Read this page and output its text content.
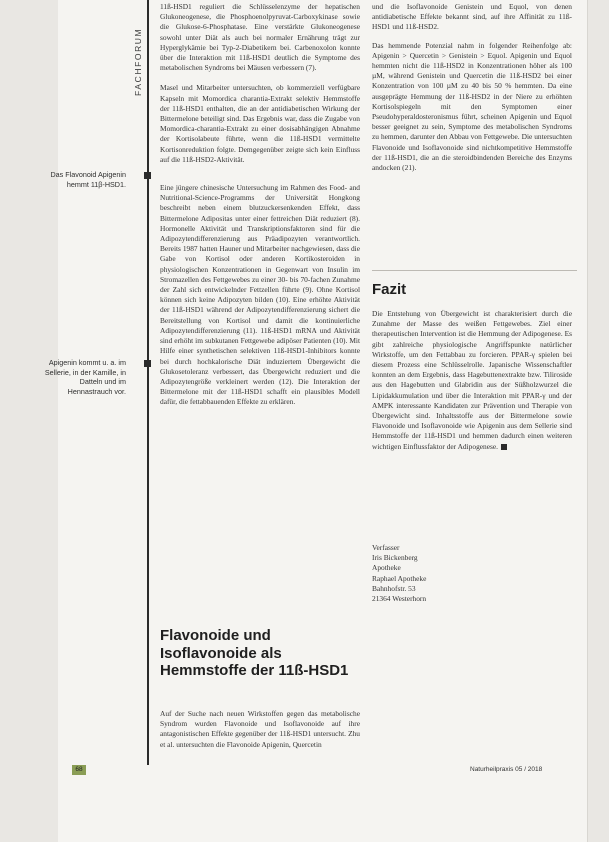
FACHFORUM
Das Flavonoid Apigenin hemmt 11β-HSD1.
Apigenin kommt u. a. im Sellerie, in der Kamille, in Datteln und im Hennastrauch vor.

11ß-HSD1 reguliert die Schlüsselenzyme der hepatischen Glukoneogenese, die Phosphoenolpyruvat-Carboxykinase sowie die Glukose-6-Phosphatase. Eine verstärkte Glukoneogenese sowohl unter Diät als auch bei normaler Ernährung trägt zur Hyperglykämie bei Typ-2-Diabetikern bei. Carbenoxolon konnte über die Interaktion mit 11ß-HSD1 deutlich die Symptome des metabolischen Syndroms bei Mäusen verbessern (7).

Masel und Mitarbeiter untersuchten, ob kommerziell verfügbare Kapseln mit Momordica charantia-Extrakt selektiv Hemmstoffe der 11ß-HSD1 enthalten, die an der antidiabetischen Wirkung der Bittermelone beteiligt sind. Das Ergebnis war, dass die Zugabe von Momordica-charantia-Extrakt zu einer dosisabhängigen Abnahme der Kortisolabeute führte, wenn die 11ß-HSD1 vermittelte Kortisonreduktion folgte. Demgegenüber zeigte sich kein Einfluss auf die 11ß-HSD2-Aktivität.

Eine jüngere chinesische Untersuchung im Rahmen des Food- and Nutritional-Science-Programms der Universität Hongkong beschreibt neben einem blutzuckersenkenden Effekt, dass Bittermelone Adipositas unter einer fettreichen Diät reduziert (8). Hormonelle Aktivität und Transkriptionsfaktoren sind für die Adipozytendifferenzierung aus Präadipozyten verantwortlich. Bereits 1987 hatten Hauner und Mitarbeiter nachgewiesen, dass die Gabe von Kortisol oder anderen Kortikosteroiden in physiologischen Konzentrationen in Gegenwart von Insulin im Stromazellen des Fettgewebes zu einer 30- bis 70-fachen Zunahme der Zahl sich entwickelnder Fettzellen führte (9). Ohne Kortisol können sich keine Adipozyten bilden (10). Eine erhöhte Aktivität der 11ß-HSD1 während der Adipozytendifferenzierung sichert die Bereitstellung von Kortisol und damit die kontinuierliche Adipozytendifferenzierung (11). 11ß-HSD1 mRNA und Aktivität sind erhöht im subkutanen Fettgewebe adipöser Patienten (10). Mit Hilfe einer synthetischen selektiven 11ß-HSD1-Inhibitors konnte bei durch hochkalorische Diät induziertem Übergewicht die Glukosetoleranz verbessert, das Übergewicht reduziert und die Adipozytengröße verkleinert werden (12). Die Interaktion der Bittermelone mit der 11ß-HSD1 schafft ein plausibles Modell dafür, die fettabbauenden Effekte zu erklären.

Flavonoide und Isoflavonoide als Hemmstoffe der 11ß-HSD1
Auf der Suche nach neuen Wirkstoffen gegen das metabolische Syndrom wurden Flavonoide und Isoflavonoide auf ihre antagonistischen Effekte gegenüber der 11ß-HSD1 untersucht. Zhu et al. untersuchten die Flavonoide Apigenin, Quercetin

und die Isoflavonoide Genistein und Equol, von denen antidiabetische Effekte bekannt sind, auf ihre Affinität zu 11ß-HSD1 und 11ß-HSD2.

Das hemmende Potenzial nahm in folgender Reihenfolge ab: Apigenin > Quercetin > Genistein > Equol. Apigenin und Equol hemmten nicht die 11ß-HSD2 in Konzentrationen höher als 100 µM, während Genistein und Quercetin die 11ß-HSD2 bei einer Konzentration von 100 µM zu 40 bis 50 % hemmten. Da eine ausgeprägte Hemmung der 11ß-HSD2 in der Niere zu erhöhten Kortisolspiegeln mit den Symptomen einer Pseudohyperaldosteronismus führt, scheinen Apigenin und Equol besser geeignet zu sein, Symptome des metabolischen Syndroms zu hemmen, darunter den Abbau von Fettgewebe. Die untersuchten Flavonoide und Isoflavonoide sind nichtkompetitive Hemmstoffe der 11ß-HSD1, die an die steroidbindenden Bereiche des Enzyms andocken (21).

Fazit

Die Entstehung von Übergewicht ist charakterisiert durch die Zunahme der Masse des weißen Fettgewebes. Ziel einer therapeutischen Intervention ist die Hemmung der Adipogenese. Es gibt zahlreiche physiologische Angriffspunkte natürlicher Wirkstoffe, um den Fettabbau zu forcieren. PPAR-γ spielen bei diesem Prozess eine Schlüsselrolle. Japanische Wissenschaftler konnten an dem Ergebnis, dass Hagebuttenextrakte bzw. Tiliroside aus den Hagebutten und Glabridin aus der Süßholzwurzel die Lipidakkumulation und über die Interaktion mit PPAR-γ und der AMPK interessante Kandidaten zur Prävention und Therapie von Übergewicht sind. Inhaltsstoffe aus der Bittermelone sowie Flavonoide und Isoflavonoide wie Apigenin aus dem Sellerie sind Hemmstoffe der 11ß-HSD1 und hemmen dadurch einen weiteren wichtigen Einflussfaktor der Adipogenese.

Verfasser
Iris Bickenberg
Apotheke
Raphael Apotheke
Bahnhofstr. 53
21364 Westerhorn
68	Naturheilpraxis 05 / 2018
